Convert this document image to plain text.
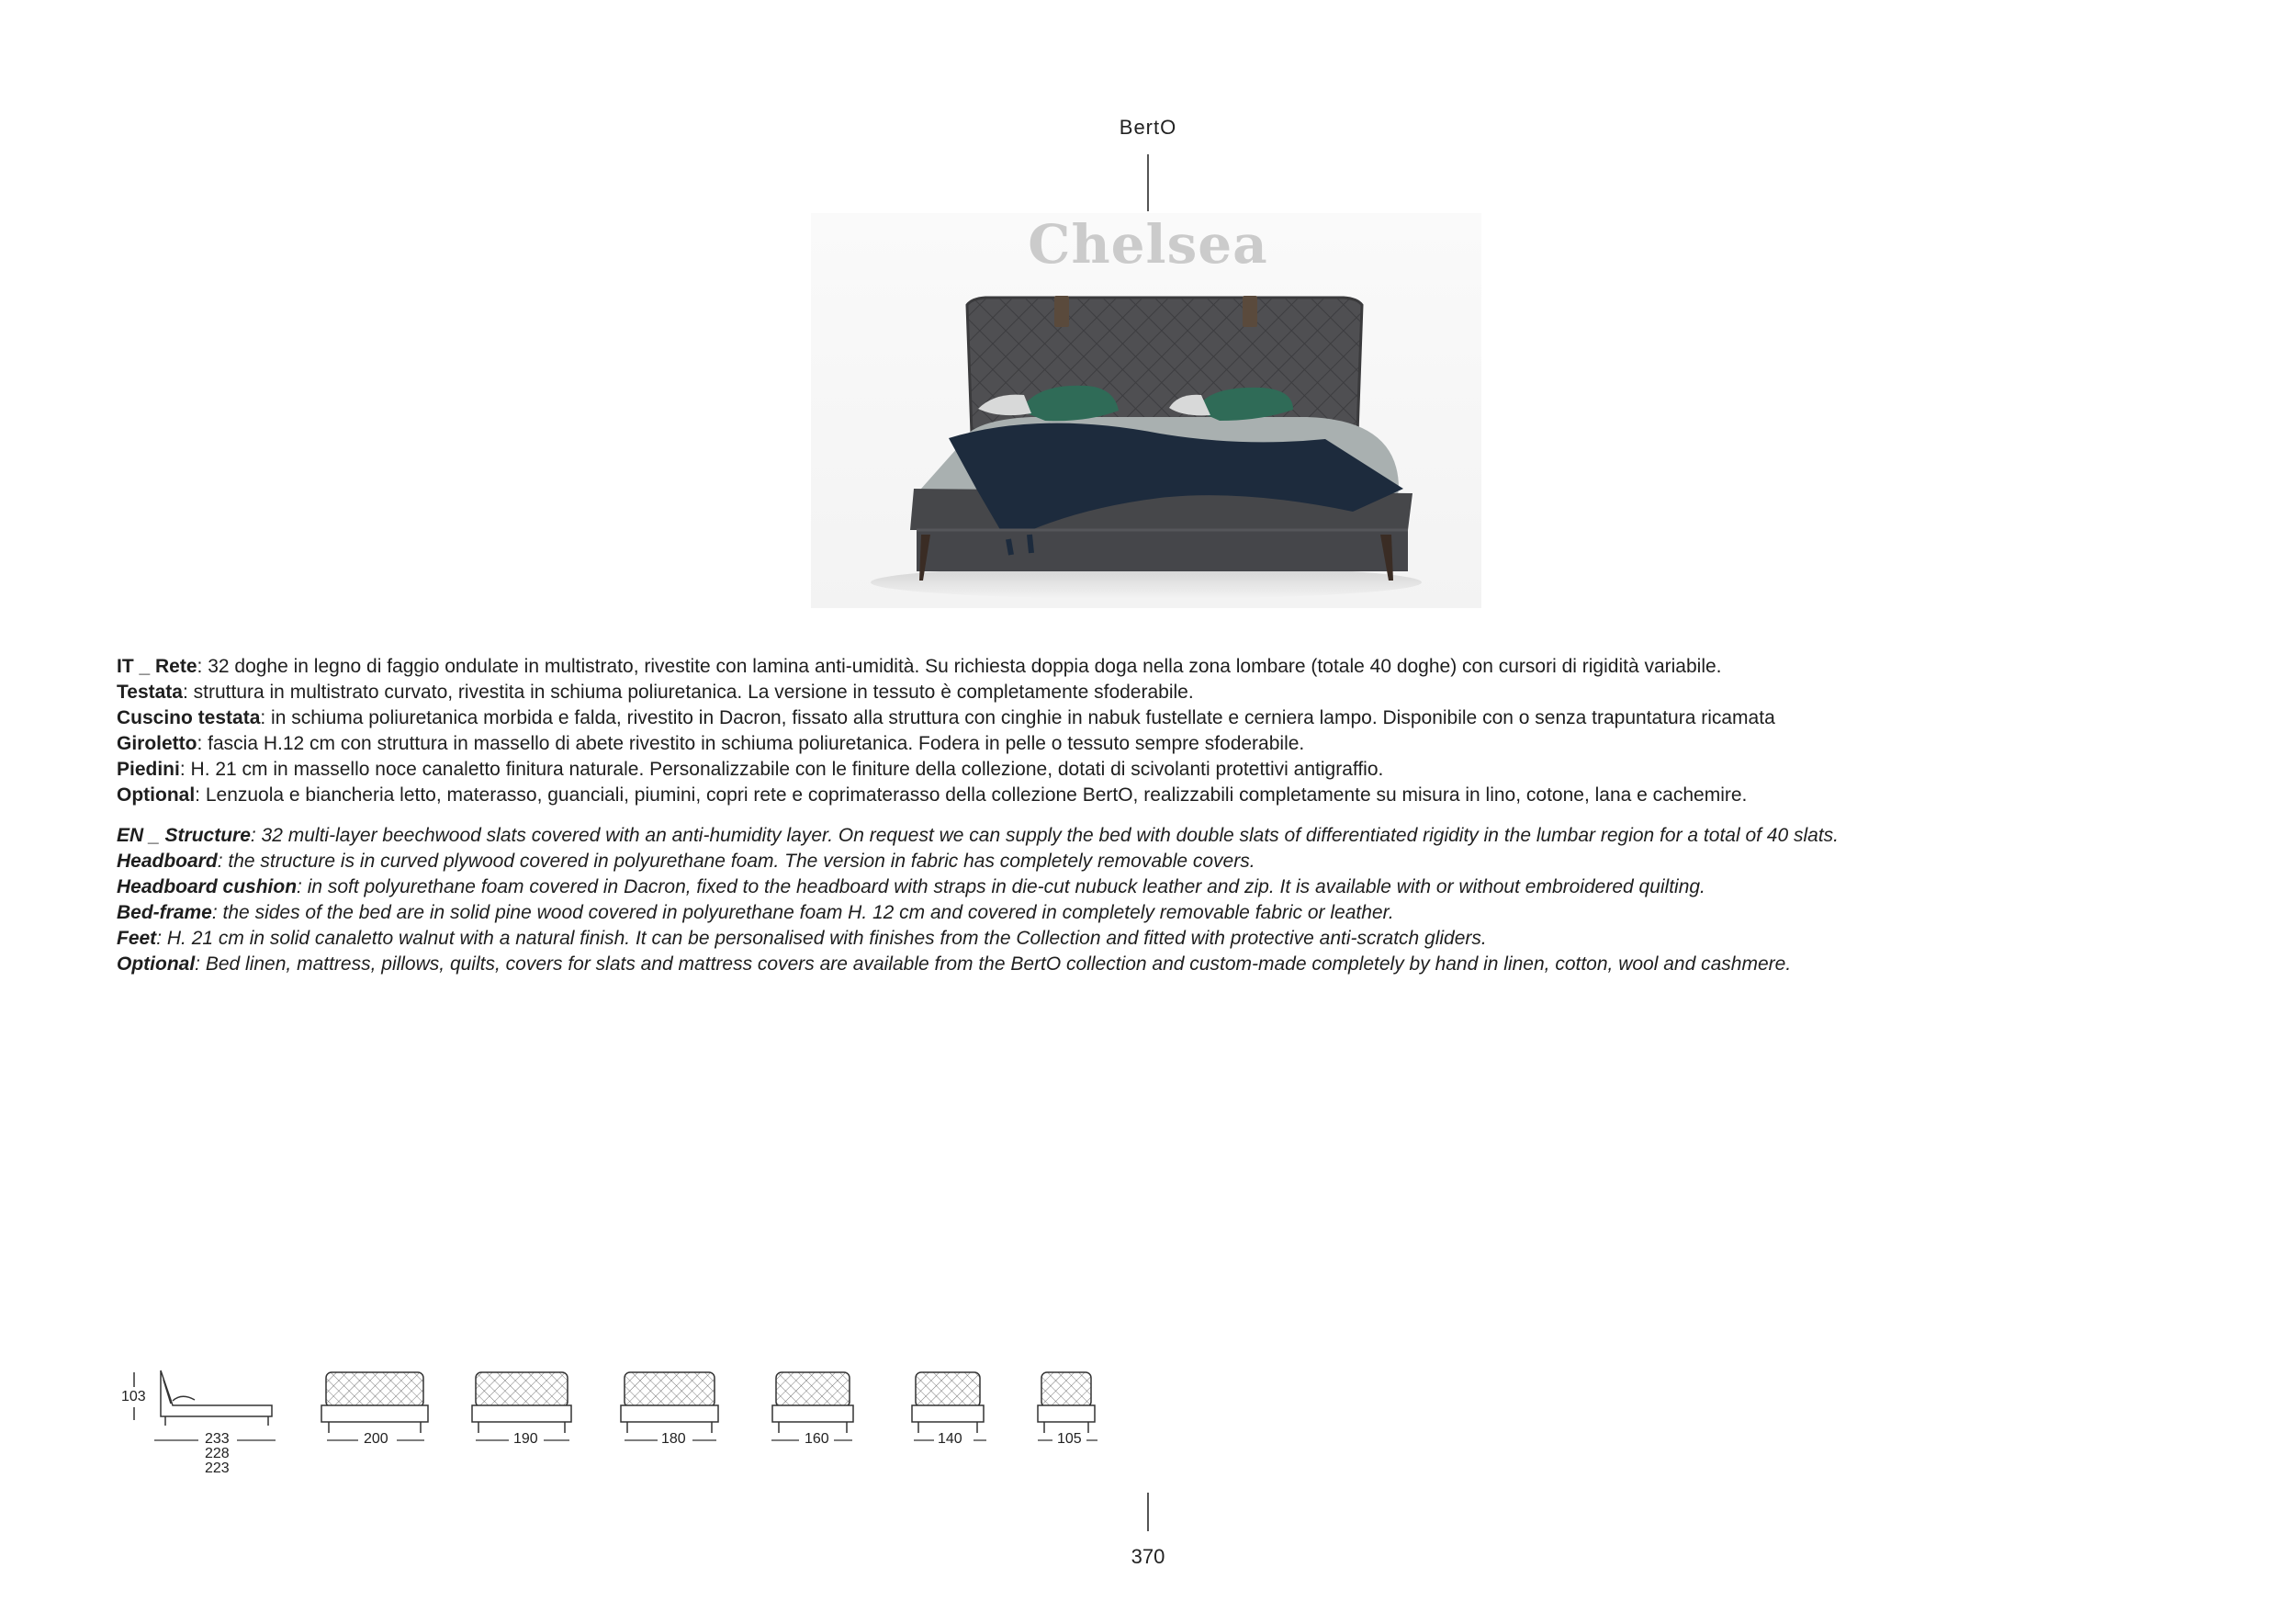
BertO
Chelsea
IT _ Rete: 32 doghe in legno di faggio ondulate in multistrato, rivestite con lamina anti-umidità. Su richiesta doppia doga nella zona lombare (totale 40 doghe) con cursori di rigidità variabile.
Testata: struttura in multistrato curvato, rivestita in schiuma poliuretanica. La versione in tessuto è completamente sfoderabile.
Cuscino testata: in schiuma poliuretanica morbida e falda, rivestito in Dacron, fissato alla struttura con cinghie in nabuk fustellate e cerniera lampo. Disponibile con o senza trapuntatura ricamata
Giroletto: fascia H.12 cm con struttura in massello di abete rivestito in schiuma poliuretanica. Fodera in pelle o tessuto sempre sfoderabile.
Piedini: H. 21 cm in massello noce canaletto finitura naturale. Personalizzabile con le finiture della collezione, dotati di scivolanti protettivi antigraffio.
Optional: Lenzuola e biancheria letto, materasso, guanciali, piumini, copri rete e coprimaterasso della collezione BertO, realizzabili completamente su misura in lino, cotone, lana e cachemire.
EN _ Structure: 32 multi-layer beechwood slats covered with an anti-humidity layer. On request we can supply the bed with double slats of differentiated rigidity in the lumbar region for a total of 40 slats.
Headboard: the structure is in curved plywood covered in polyurethane foam. The version in fabric has completely removable covers.
Headboard cushion: in soft polyurethane foam covered in Dacron, fixed to the headboard with straps in die-cut nubuck leather and zip. It is available with or without embroidered quilting.
Bed-frame: the sides of the bed are in solid pine wood covered in polyurethane foam H. 12 cm and covered in completely removable fabric or leather.
Feet: H. 21 cm in solid canaletto walnut with a natural finish. It can be personalised with finishes from the Collection and fitted with protective anti-scratch gliders.
Optional: Bed linen, mattress, pillows, quilts, covers for slats and mattress covers are available from the BertO collection and custom-made completely by hand in linen, cotton, wool and cashmere.
103
233
228
223
200	190	180	160	140	105
370
